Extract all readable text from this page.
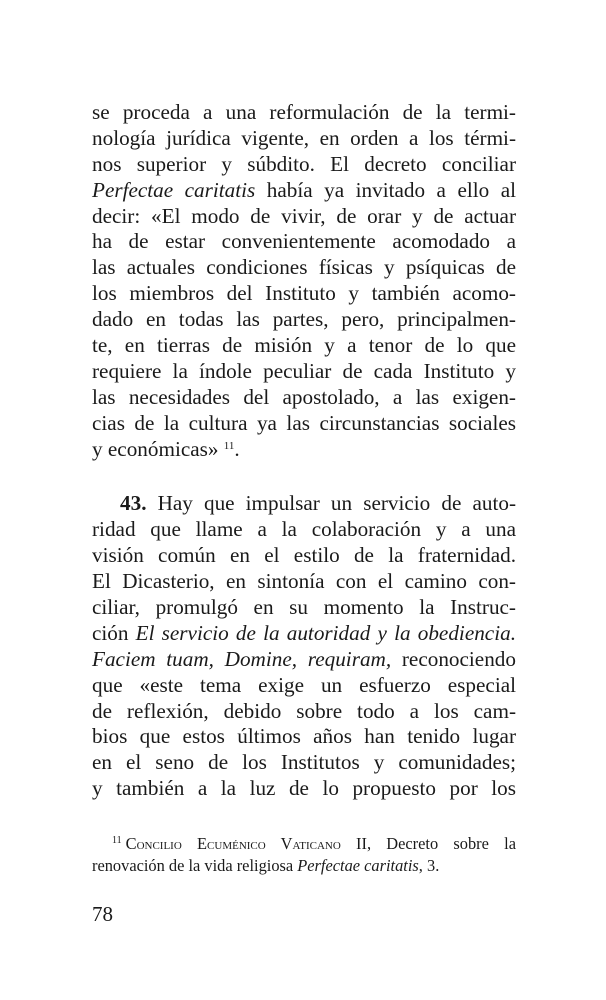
se proceda a una reformulación de la termi-
nología jurídica vigente, en orden a los térmi-
nos superior y súbdito. El decreto conciliar
Perfectae caritatis había ya invitado a ello al
decir: «El modo de vivir, de orar y de actuar
ha de estar convenientemente acomodado a
las actuales condiciones físicas y psíquicas de
los miembros del Instituto y también acomo-
dado en todas las partes, pero, principalmen-
te, en tierras de misión y a tenor de lo que
requiere la índole peculiar de cada Instituto y
las necesidades del apostolado, a las exigen-
cias de la cultura ya las circunstancias sociales
y económicas» $^{11}$.
43. Hay que impulsar un servicio de auto-
ridad que llame a la colaboración y a una
visión común en el estilo de la fraternidad.
El Dicasterio, en sintonía con el camino con-
ciliar, promulgó en su momento la Instruc-
ción El servicio de la autoridad y la obediencia.
Faciem tuam, Domine, requiram, reconociendo
que «este tema exige un esfuerzo especial
de reflexión, debido sobre todo a los cam-
bios que estos últimos años han tenido lugar
en el seno de los Institutos y comunidades;
y también a la luz de lo propuesto por los
$^{11}$ Concilio Ecuménico Vaticano II, Decreto sobre la
renovación de la vida religiosa Perfectae caritatis, 3.
78
